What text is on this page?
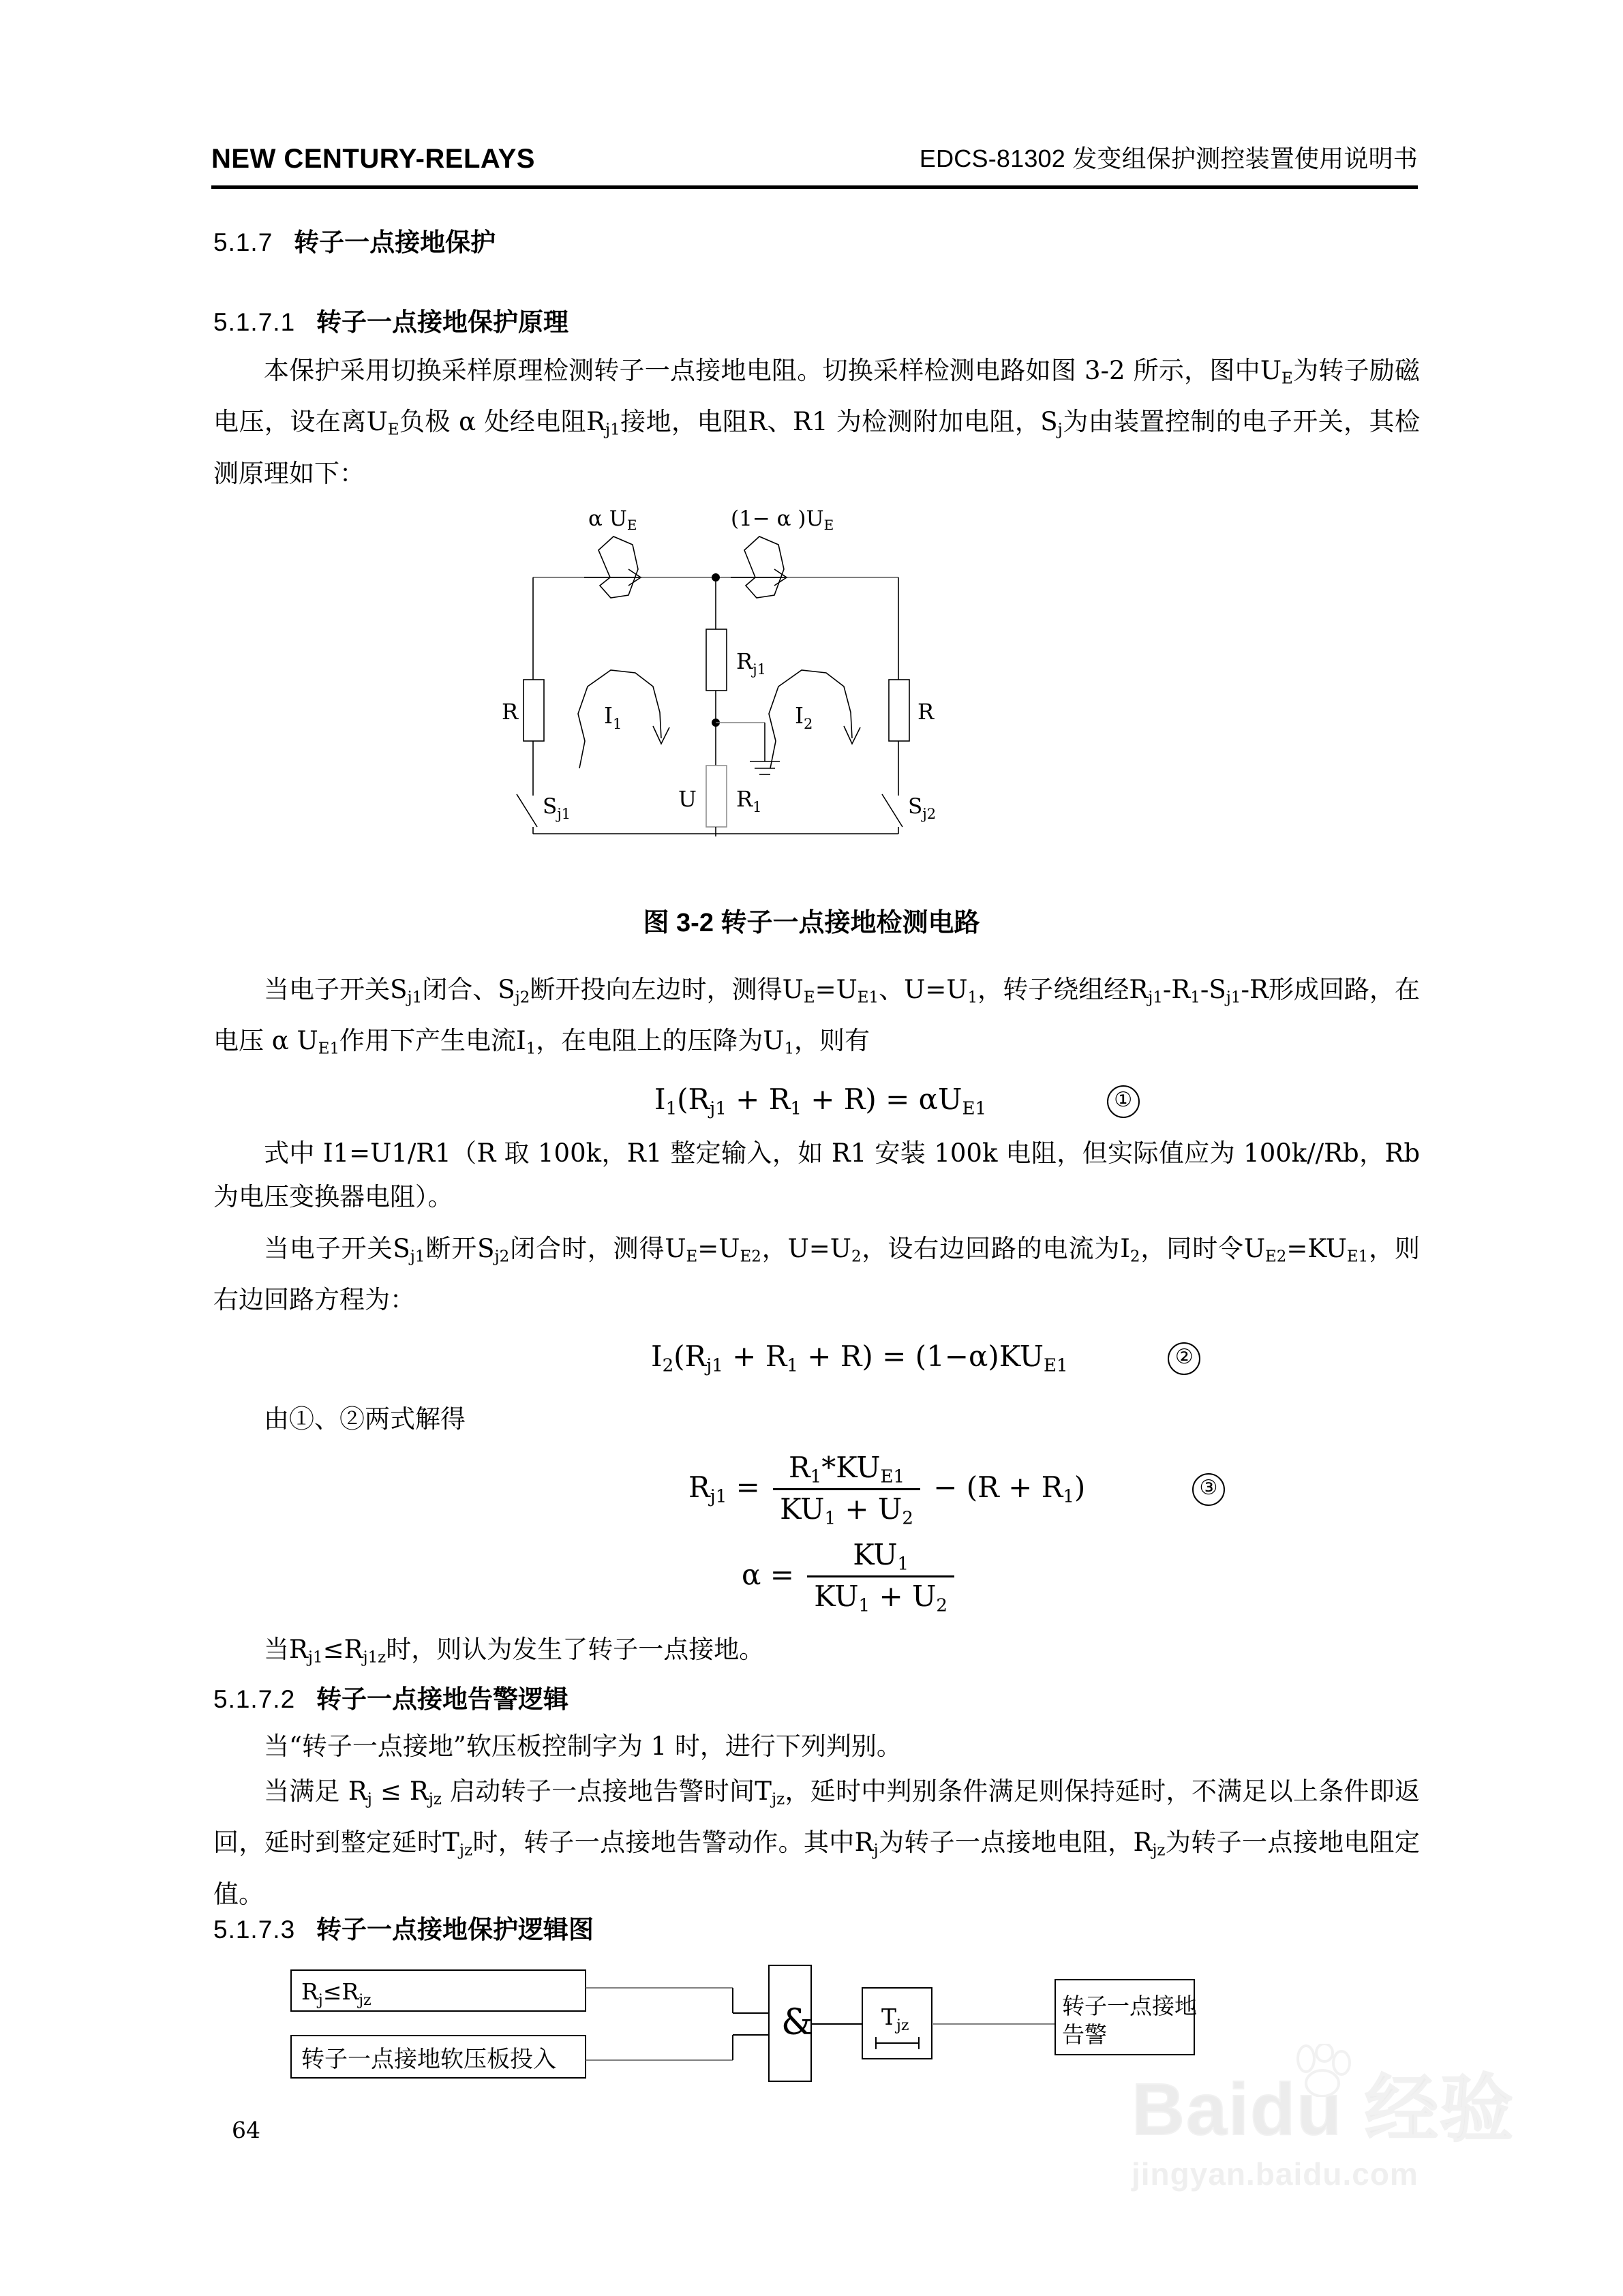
NEW CENTURY-RELAYS	EDCS-81302 发变组保护测控装置使用说明书
5.1.7 转子一点接地保护
5.1.7.1 转子一点接地保护原理
本保护采用切换采样原理检测转子一点接地电阻。切换采样检测电路如图 3-2 所示，图中$U_E$为转子励磁电压，设在离$U_E$负极 α 处经电阻$R_{j1}$接地，电阻R、R1 为检测附加电阻，$S_j$为由装置控制的电子开关，其检测原理如下：
α UE	(1− α )UE
R	R
$R_{j1}$
$R_1$
U
$I_1$	$I_2$
$S_{j1}$	$S_{j2}$
图 3-2 转子一点接地检测电路
当电子开关$S_{j1}$闭合、$S_{j2}$断开投向左边时，测得$U_E=U_{E1}$、$U=U_1$，转子绕组经$R_{j1}-R_1-S_{j1}-R$形成回路，在电压 α $U_{E1}$作用下产生电流$I_1$，在电阻上的压降为$U_1$，则有
$I_1(R_{j1} + R_1 + R) = \alpha U_{E1}$	①
式中 I1=U1/R1（R 取 100k，R1 整定输入，如 R1 安装 100k 电阻，但实际值应为 100k//Rb，Rb 为电压变换器电阻）。
当电子开关$S_{j1}$断开$S_{j2}$闭合时，测得$U_E=U_{E2}$，$U=U_2$，设右边回路的电流为$I_2$，同时令$U_{E2}=KU_{E1}$，则右边回路方程为：
$I_2(R_{j1} + R_1 + R) = (1-\alpha)KU_{E1}$	②
由①、②两式解得
$R_{j1} = \frac{R_1*KU_{E1}}{KU_1 + U_2} - (R + R_1)$	③
$\alpha = \frac{KU_1}{KU_1 + U_2}$
当$R_{j1}\le R_{j1z}$时，则认为发生了转子一点接地。
5.1.7.2 转子一点接地告警逻辑
当“转子一点接地”软压板控制字为 1 时，进行下列判别。
当满足 $R_j \le R_{jz}$ 启动转子一点接地告警时间$T_{jz}$，延时中判别条件满足则保持延时，不满足以上条件即返回，延时到整定延时$T_{jz}$时，转子一点接地告警动作。其中$R_j$为转子一点接地电阻，$R_{jz}$为转子一点接地电阻定值。
5.1.7.3 转子一点接地保护逻辑图
$R_j\le R_{jz}$
转子一点接地软压板投入
&	$T_{jz}$
转子一点接地
告警
64	Baidu 经验
jingyan.baidu.com
